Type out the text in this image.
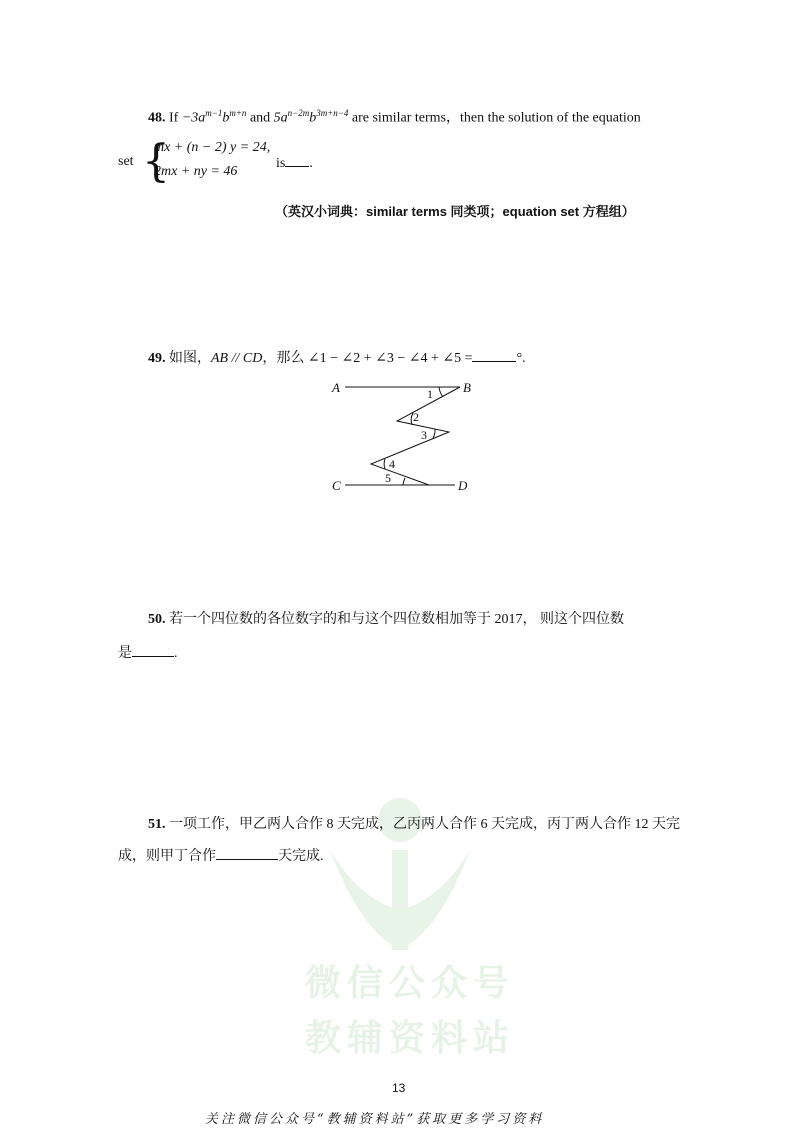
微信公众号
教辅资料站
48. $If -3a^{m-1}b^{m+n}$ and $5a^{n-2m}b^{3m+n-4}$ are similar terms，then the solution of the equation
set {
mx + (n − 2) y = 24,
2mx + ny = 46
is .
（英汉小词典：similar terms 同类项；equation set 方程组）
49. 如图，AB // CD，那么 ∠1 − ∠2 + ∠3 − ∠4 + ∠5 =	°.
A	B
C	D
1
2
3
4
5
50. 若一个四位数的各位数字的和与这个四位数相加等于 2017， 则这个四位数
是	.
51. 一项工作，甲乙两人合作 8 天完成，乙丙两人合作 6 天完成，丙丁两人合作 12 天完
成，则甲丁合作	天完成.
13
关注微信公众号“教辅资料站”获取更多学习资料
